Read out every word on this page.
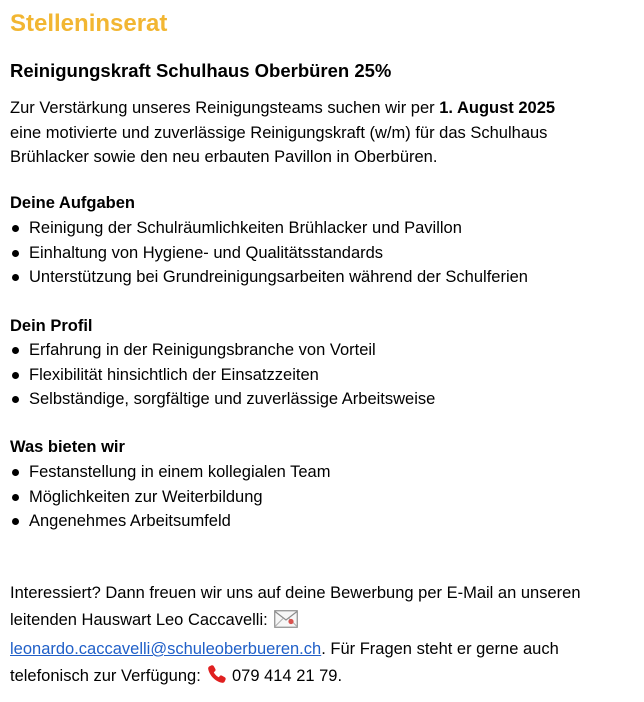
Stelleninserat
Reinigungskraft Schulhaus Oberbüren 25%

Zur Verstärkung unseres Reinigungsteams suchen wir per 1. August 2025
eine motivierte und zuverlässige Reinigungskraft (w/m) für das Schulhaus
Brühlacker sowie den neu erbauten Pavillon in Oberbüren.

Deine Aufgaben
Reinigung der Schulräumlichkeiten Brühlacker und Pavillon
Einhaltung von Hygiene- und Qualitätsstandards
Unterstützung bei Grundreinigungsarbeiten während der Schulferien
Dein Profil
Erfahrung in der Reinigungsbranche von Vorteil
Flexibilität hinsichtlich der Einsatzzeiten
Selbständige, sorgfältige und zuverlässige Arbeitsweise
Was bieten wir
Festanstellung in einem kollegialen Team
Möglichkeiten zur Weiterbildung
Angenehmes Arbeitsumfeld

Interessiert? Dann freuen wir uns auf deine Bewerbung per E-Mail an unseren
leitenden Hauswart Leo Caccavelli:
leonardo.caccavelli@schuleoberbueren.ch. Für Fragen steht er gerne auch
telefonisch zur Verfügung:  079 414 21 79.
